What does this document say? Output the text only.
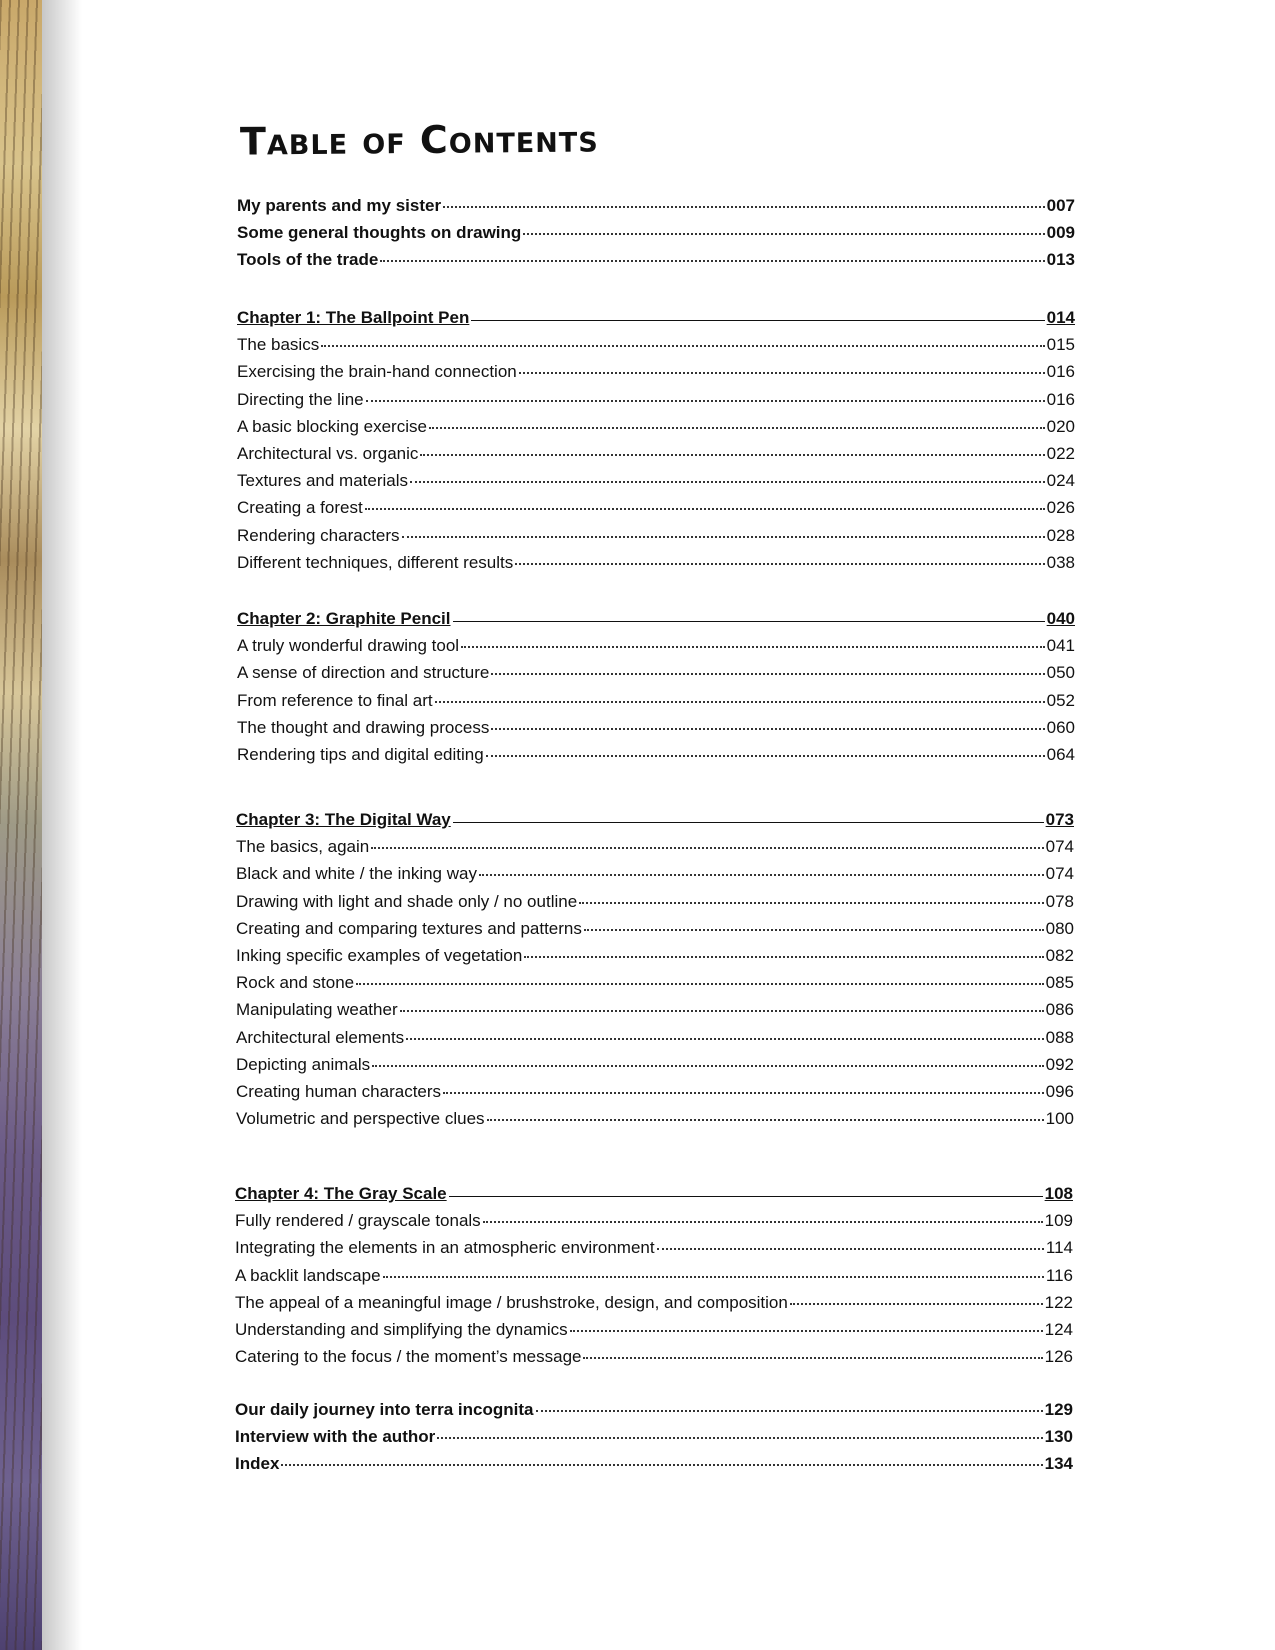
Table of Contents
My parents and my sister	007
Some general thoughts on drawing	009
Tools of the trade	013
Chapter 1: The Ballpoint Pen	014
The basics	015
Exercising the brain-hand connection	016
Directing the line	016
A basic blocking exercise	020
Architectural vs. organic	022
Textures and materials	024
Creating a forest	026
Rendering characters	028
Different techniques, different results	038
Chapter 2: Graphite Pencil	040
A truly wonderful drawing tool	041
A sense of direction and structure	050
From reference to final art	052
The thought and drawing process	060
Rendering tips and digital editing	064
Chapter 3: The Digital Way	073
The basics, again	074
Black and white / the inking way	074
Drawing with light and shade only / no outline	078
Creating and comparing textures and patterns	080
Inking specific examples of vegetation	082
Rock and stone	085
Manipulating weather	086
Architectural elements	088
Depicting animals	092
Creating human characters	096
Volumetric and perspective clues	100
Chapter 4: The Gray Scale	108
Fully rendered / grayscale tonals	109
Integrating the elements in an atmospheric environment	114
A backlit landscape	116
The appeal of a meaningful image / brushstroke, design, and composition	122
Understanding and simplifying the dynamics	124
Catering to the focus / the moment’s message	126
Our daily journey into terra incognita	129
Interview with the author	130
Index	134
